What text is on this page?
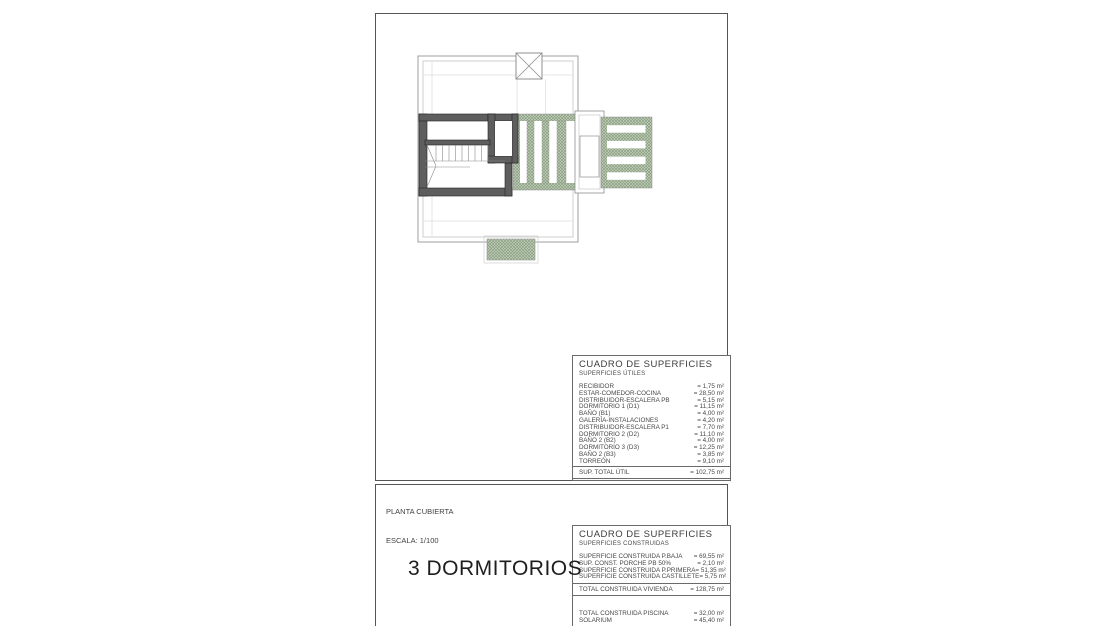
CUADRO DE SUPERFICIES
SUPERFICIES ÚTILES
RECIBIDOR	= 1,75 m²
ESTAR-COMEDOR-COCINA	= 28,50 m²
DISTRIBUIDOR-ESCALERA PB	= 5,15 m²
DORMITORIO 1 (D1)	= 11,15 m²
BAÑO (B1)	= 4,00 m²
GALERÍA-INSTALACIONES	= 4,20 m²
DISTRIBUIDOR-ESCALERA P1	= 7,70 m²
DORMITORIO 2 (D2)	= 11,10 m²
BAÑO 2 (B2)	= 4,00 m²
DORMITORIO 3 (D3)	= 12,25 m²
BAÑO 2 (B3)	= 3,85 m²
TORREÓN	= 9,10 m²
SUP. TOTAL ÚTIL	= 102,75 m²
CUADRO DE SUPERFICIES
SUPERFICIES CONSTRUIDAS
SUPERFICIE CONSTRUIDA P.BAJA = 69,55 m²
SUP. CONST. PORCHE PB 50%	= 2,10 m²
SUPERFICIE CONSTRUIDA P.PRIMERA = 51,35 m²
SUPERFICIE CONSTRUIDA CASTILLETE = 5,75 m²
TOTAL CONSTRUIDA VIVIENDA	= 128,75 m²
TOTAL CONSTRUIDA PISCINA	= 32,00 m²
SOLARIUM	= 45,40 m²

PLANTA CUBIERTA

ESCALA: 1/100

3 DORMITORIOS
